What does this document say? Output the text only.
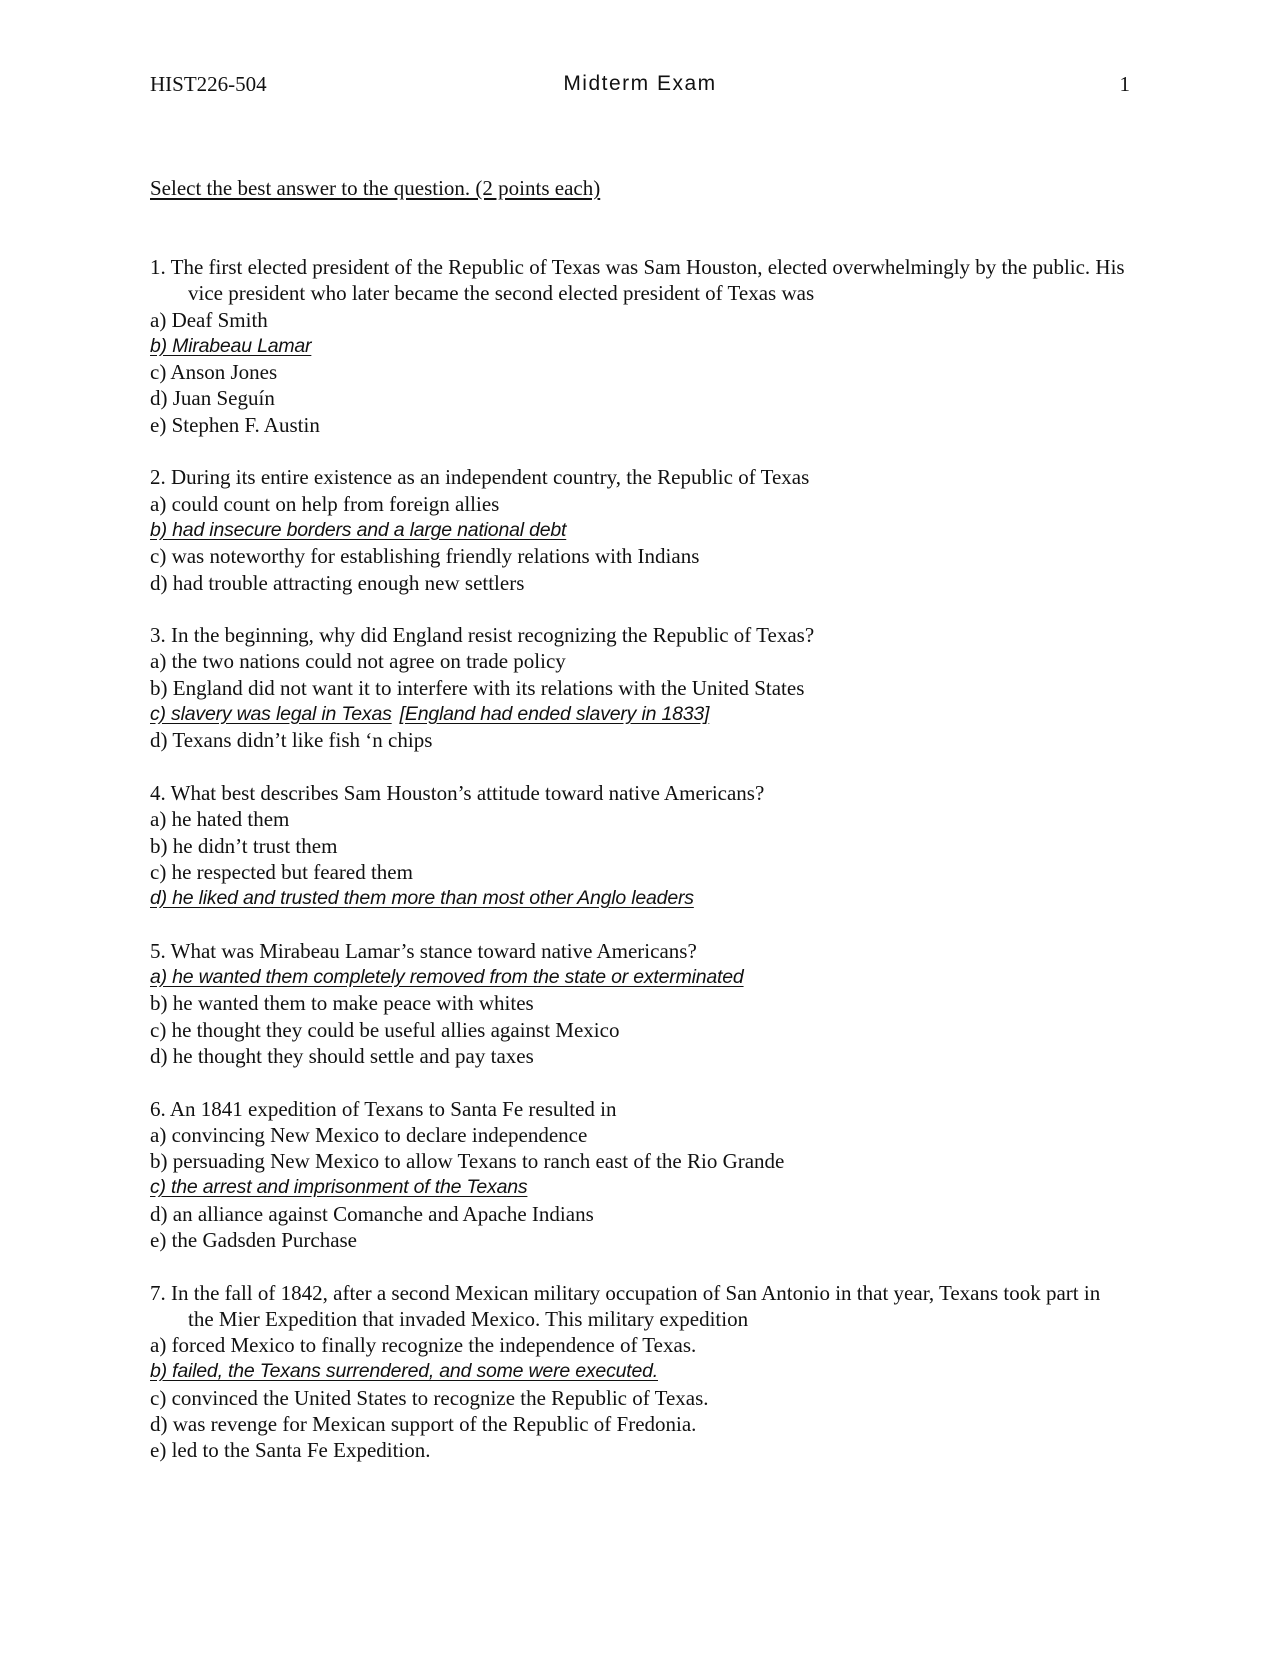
HIST226-504	Midterm Exam	1
Select the best answer to the question. (2 points each)
1. The first elected president of the Republic of Texas was Sam Houston, elected overwhelmingly by the public. His vice president who later became the second elected president of Texas was
a) Deaf Smith
b) Mirabeau Lamar
c) Anson Jones
d) Juan Seguín
e) Stephen F. Austin
2. During its entire existence as an independent country, the Republic of Texas
a) could count on help from foreign allies
b) had insecure borders and a large national debt
c) was noteworthy for establishing friendly relations with Indians
d) had trouble attracting enough new settlers
3. In the beginning, why did England resist recognizing the Republic of Texas?
a) the two nations could not agree on trade policy
b) England did not want it to interfere with its relations with the United States
c) slavery was legal in Texas [England had ended slavery in 1833]
d) Texans didn’t like fish ‘n chips
4. What best describes Sam Houston’s attitude toward native Americans?
a) he hated them
b) he didn’t trust them
c) he respected but feared them
d) he liked and trusted them more than most other Anglo leaders
5. What was Mirabeau Lamar’s stance toward native Americans?
a) he wanted them completely removed from the state or exterminated
b) he wanted them to make peace with whites
c) he thought they could be useful allies against Mexico
d) he thought they should settle and pay taxes
6. An 1841 expedition of Texans to Santa Fe resulted in
a) convincing New Mexico to declare independence
b) persuading New Mexico to allow Texans to ranch east of the Rio Grande
c) the arrest and imprisonment of the Texans
d) an alliance against Comanche and Apache Indians
e) the Gadsden Purchase
7. In the fall of 1842, after a second Mexican military occupation of San Antonio in that year, Texans took part in the Mier Expedition that invaded Mexico. This military expedition
a) forced Mexico to finally recognize the independence of Texas.
b) failed, the Texans surrendered, and some were executed.
c) convinced the United States to recognize the Republic of Texas.
d) was revenge for Mexican support of the Republic of Fredonia.
e) led to the Santa Fe Expedition.
